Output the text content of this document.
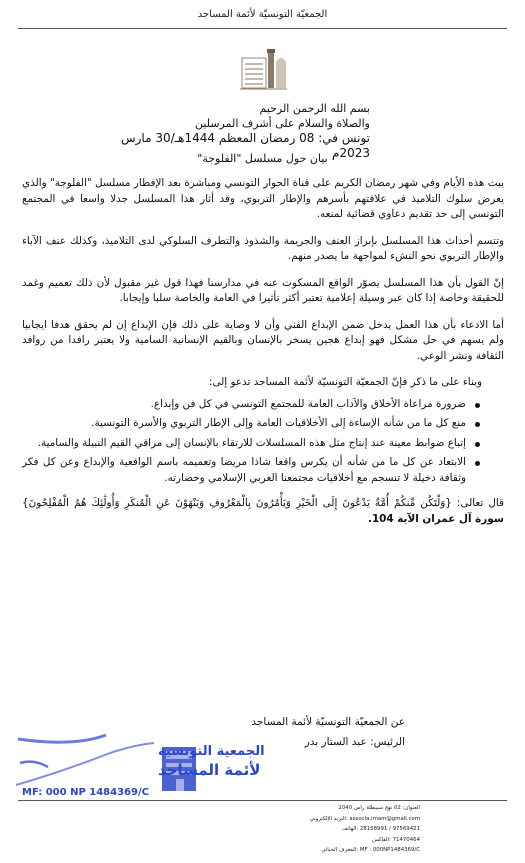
الجمعيّة التونسيّة لأئمة المساجد

بسم الله الرحمن الرحيم

والصلاة والسلام على أشرف المرسلين

تونس في: 08 رمضان المعظم 1444هـ/30 مارس 2023م

بيان حول مسلسل "الفلوجة"

يبث هذه الأيام وفي شهر رمضان الكريم على قناة الحوار التونسي ومباشرة بعد الإفطار مسلسل "الفلوجة" والذي يعرض سلوك التلاميذ في علاقتهم بأسرهم والإطار التربوي، وقد أثار هذا المسلسل جدلا واسعا في المجتمع التونسي إلى حد تقديم دعاوي قضائية لمنعه.

وتتسم أحداث هذا المسلسل بإبراز العنف والجريمة والشذوذ والتطرف السلوكي لدى التلاميذ، وكذلك عنف الآباء والإطار التربوي نحو النشء لمواجهة ما يصدر منهم.

إنّ القول بأن هذا المسلسل يصوّر الواقع المسكوت عنه في مدارسنا فهذا قول غير مقبول لأن ذلك تعميم وغمد للحقيقة وخاصة إذا كان عبر وسيلة إعلامية تعتبر أكثر تأثيرا في العامة والخاصة سلبا وإيجابا.

أما الادعاء بأن هذا العمل يدخل ضمن الإبداع الفني وأن لا وصاية على ذلك فإن الإبداع إن لم يحقق هدفا ايجابيا ولم يسهم في حل مشكل فهو إبداع هجين يسخر بالإنسان وبالقيم الإنسانية السامية ولا يعتبر رافدا من روافد الثقافة ونشر الوعي.

وبناء على ما ذكر فإنّ الجمعيّة التونسيّة لأئمة المساجد تدعو إلى:

ضرورة مراعاة الأخلاق والآداب العامة للمجتمع التونسي في كل فن وإبداع.
منع كل ما من شأنه الإساءة إلى الأخلاقيات العامة وإلى الإطار التربوي والأسرة التونسية.
إتباع ضوابط معينة عند إنتاج مثل هذه المسلسلات للارتقاء بالإنسان إلى مراقي القيم النبيلة والسامية.
الابتعاد عن كل ما من شأنه أن يكرس واقعا شاذا مريضا وتعميمه باسم الواقعية والإبداع وعن كل فكر وثقافة دخيلة لا تنسجم مع أخلاقيات مجتمعنا العربي الإسلامي وحضارته.

قال تعالى: {وَلْتَكُن مِّنكُمْ أُمَّةٌ يَدْعُونَ إِلَى الْخَيْرِ وَيَأْمُرُونَ بِالْمَعْرُوفِ وَيَنْهَوْنَ عَنِ الْمُنكَرِ وَأُولَٰئِكَ هُمُ الْمُفْلِحُونَ} سورة آل عمران الآية 104.

عن الجمعيّة التونسيّة لأئمة المساجد
الرئيس: عبد الستار بدر
الجمعية التونسية
لأئمة المساجد
MF: 000 NP 1484369/C
العنوان: 02 نهج سبيطلة راس 2040
assocla.imam@gmail.com :البريد الإلكتروني
97569421 / 28158991 :الهاتف
71470464 :الفاكس
MF : 000NP1484369/C :المعرف الجبائي
